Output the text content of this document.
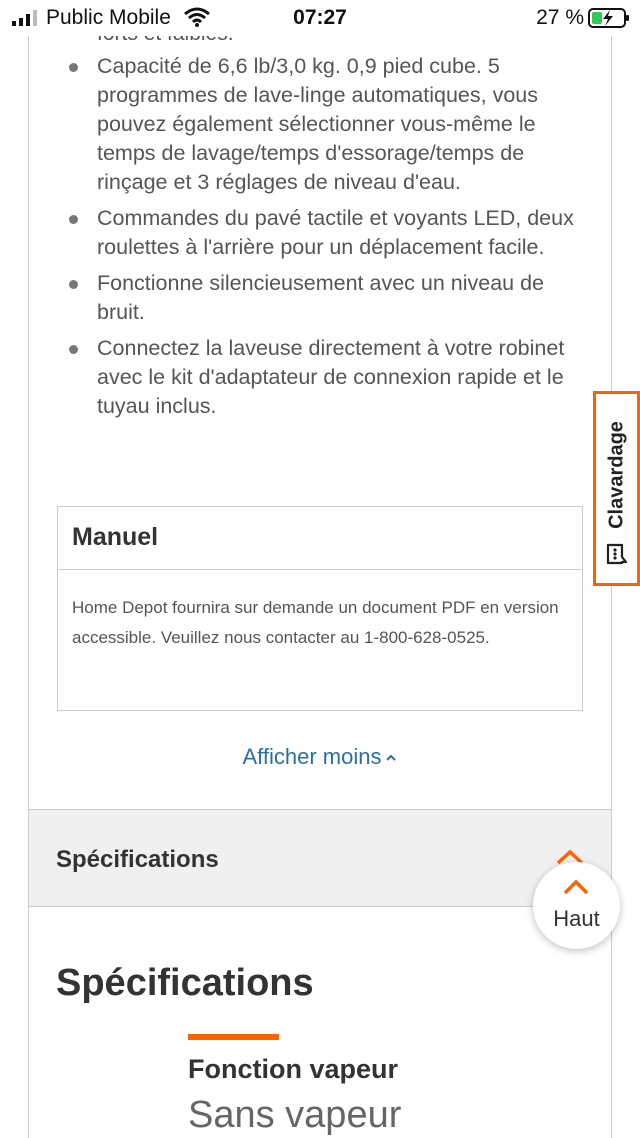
Public Mobile	07:27	27 %
Capacité de 6,6 lb/3,0 kg. 0,9 pied cube. 5 programmes de lave-linge automatiques, vous pouvez également sélectionner vous-même le temps de lavage/temps d'essorage/temps de rinçage et 3 réglages de niveau d'eau.
Commandes du pavé tactile et voyants LED, deux roulettes à l'arrière pour un déplacement facile.
Fonctionne silencieusement avec un niveau de bruit.
Connectez la laveuse directement à votre robinet avec le kit d'adaptateur de connexion rapide et le tuyau inclus.
Manuel
Home Depot fournira sur demande un document PDF en version accessible. Veuillez nous contacter au 1-800-628-0525.
Afficher moins
Spécifications
Spécifications
Fonction vapeur
Sans vapeur
Clavardage
Haut
